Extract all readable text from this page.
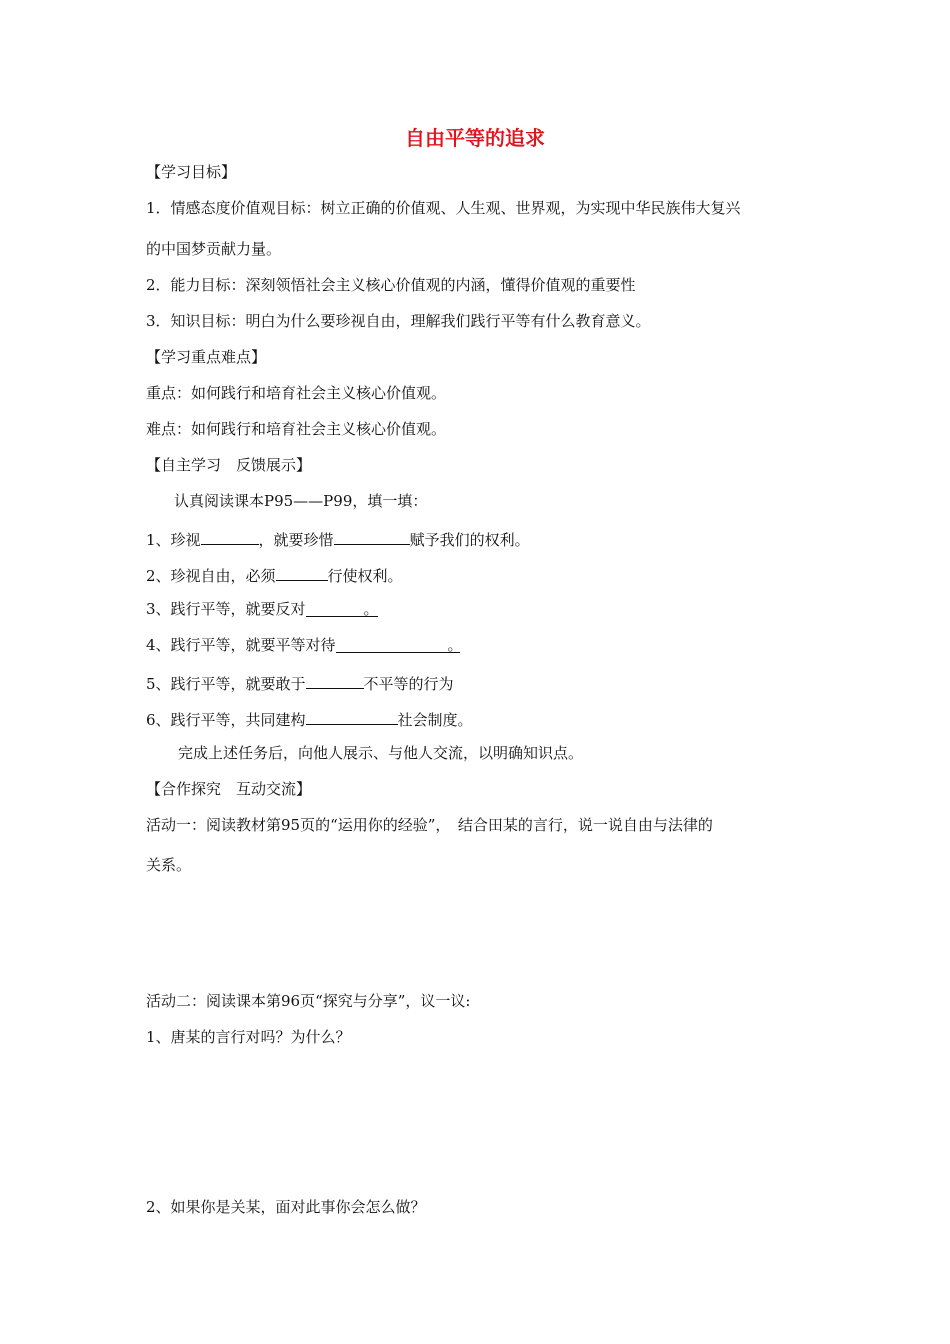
自由平等的追求
【学习目标】
1．情感态度价值观目标：树立正确的价值观、人生观、世界观，为实现中华民族伟大复兴
的中国梦贡献力量。
2．能力目标：深刻领悟社会主义核心价值观的内涵，懂得价值观的重要性
3．知识目标：明白为什么要珍视自由，理解我们践行平等有什么教育意义。
【学习重点难点】
重点：如何践行和培育社会主义核心价值观。
难点：如何践行和培育社会主义核心价值观。
【自主学习　反馈展示】
认真阅读课本P95——P99，填一填：
1、珍视	，就要珍惜	赋予我们的权利。
2、珍视自由，必须	行使权利。
3、践行平等，就要反对	。
4、践行平等，就要平等对待	。
5、践行平等，就要敢于	不平等的行为
6、践行平等，共同建构	社会制度。
完成上述任务后，向他人展示、与他人交流，以明确知识点。
【合作探究　互动交流】
活动一：阅读教材第95页的“运用你的经验”，　结合田某的言行，说一说自由与法律的
关系。
活动二：阅读课本第96页“探究与分享”，议一议:
1、唐某的言行对吗？为什么？
2、如果你是关某，面对此事你会怎么做？
